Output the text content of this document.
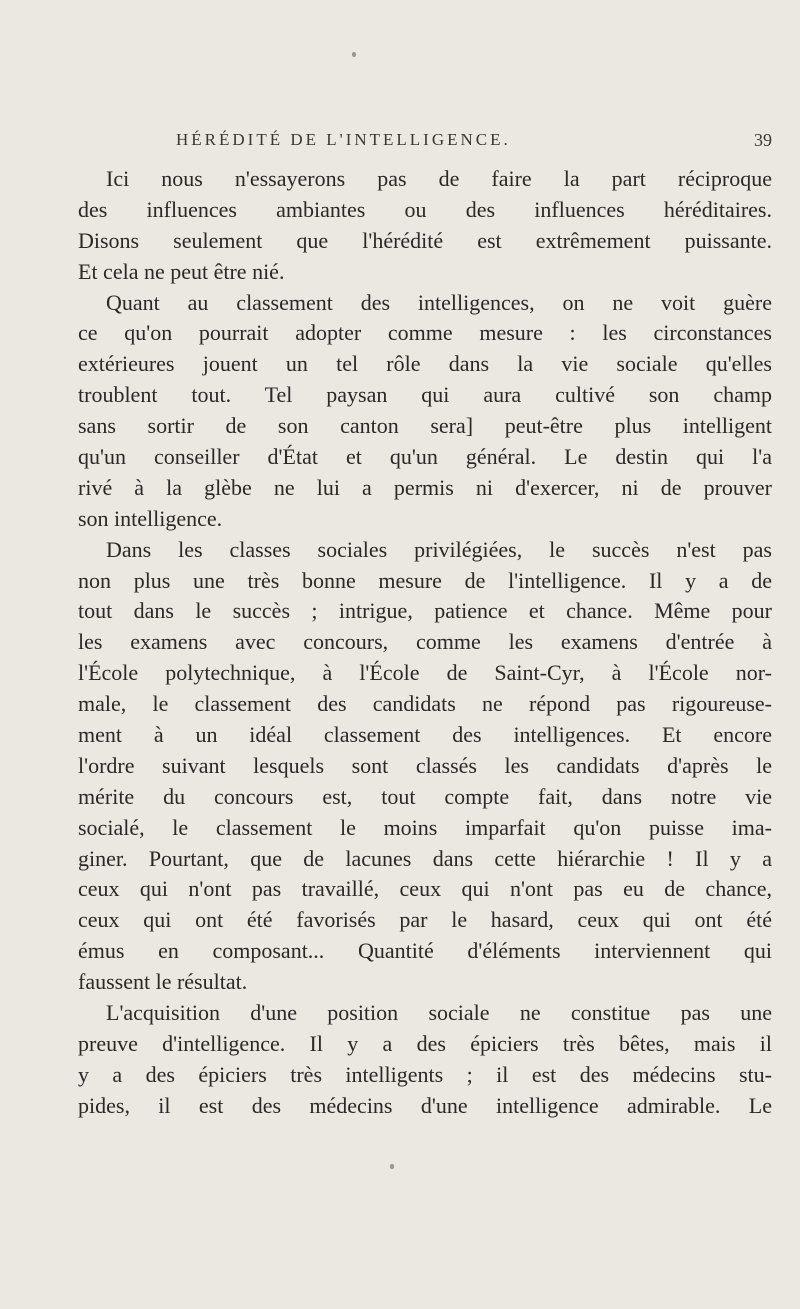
HÉRÉDITÉ DE L'INTELLIGENCE.	39
Ici nous n'essayerons pas de faire la part réciproque
des influences ambiantes ou des influences héréditaires.
Disons seulement que l'hérédité est extrêmement puissante.
Et cela ne peut être nié.
Quant au classement des intelligences, on ne voit guère
ce qu'on pourrait adopter comme mesure : les circonstances
extérieures jouent un tel rôle dans la vie sociale qu'elles
troublent tout. Tel paysan qui aura cultivé son champ
sans sortir de son canton sera] peut-être plus intelligent
qu'un conseiller d'État et qu'un général. Le destin qui l'a
rivé à la glèbe ne lui a permis ni d'exercer, ni de prouver
son intelligence.
Dans les classes sociales privilégiées, le succès n'est pas
non plus une très bonne mesure de l'intelligence. Il y a de
tout dans le succès ; intrigue, patience et chance. Même pour
les examens avec concours, comme les examens d'entrée à
l'École polytechnique, à l'École de Saint-Cyr, à l'École nor-
male, le classement des candidats ne répond pas rigoureuse-
ment à un idéal classement des intelligences. Et encore
l'ordre suivant lesquels sont classés les candidats d'après le
mérite du concours est, tout compte fait, dans notre vie
socialé, le classement le moins imparfait qu'on puisse ima-
giner. Pourtant, que de lacunes dans cette hiérarchie ! Il y a
ceux qui n'ont pas travaillé, ceux qui n'ont pas eu de chance,
ceux qui ont été favorisés par le hasard, ceux qui ont été
émus en composant... Quantité d'éléments interviennent qui
faussent le résultat.
L'acquisition d'une position sociale ne constitue pas une
preuve d'intelligence. Il y a des épiciers très bêtes, mais il
y a des épiciers très intelligents ; il est des médecins stu-
pides, il est des médecins d'une intelligence admirable. Le
